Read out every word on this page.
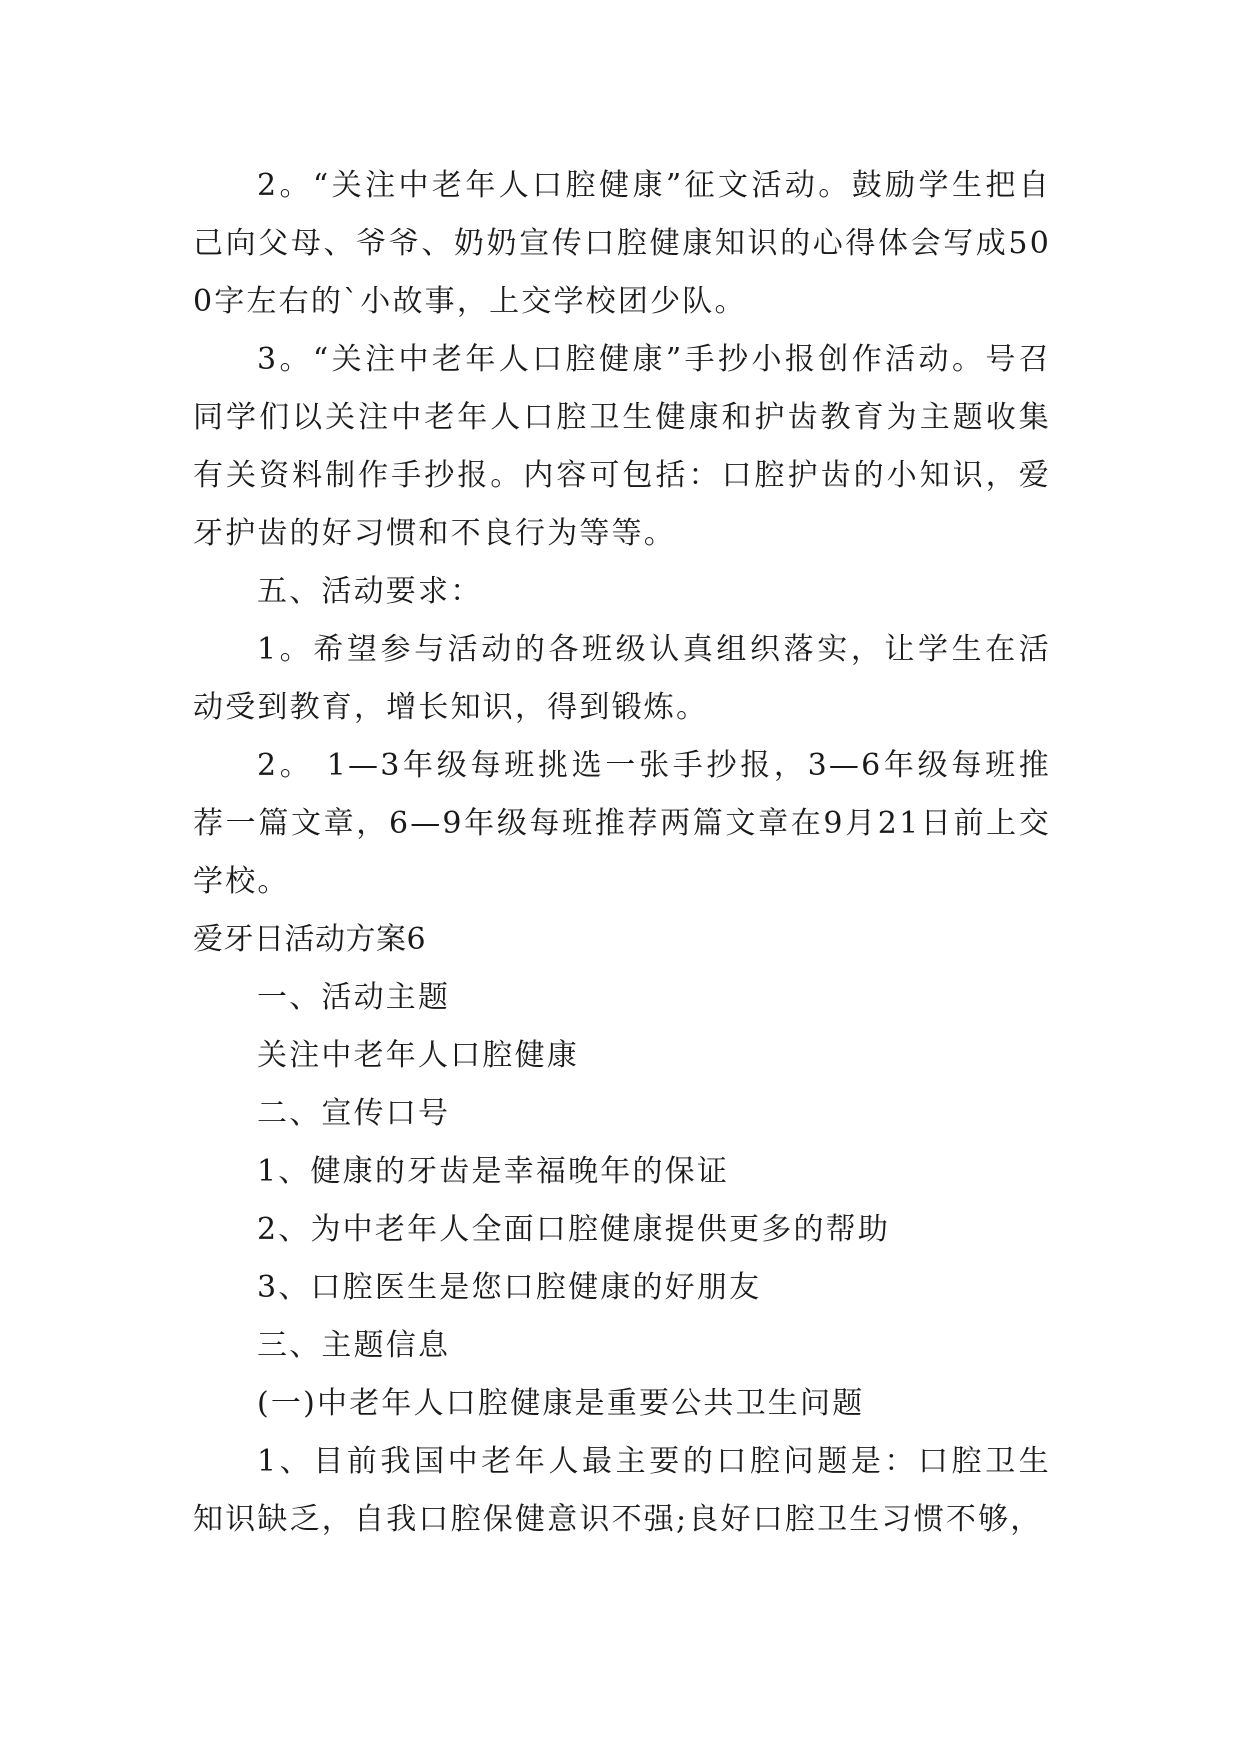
2。“关注中老年人口腔健康”征文活动。鼓励学生把自己向父母、爷爷、奶奶宣传口腔健康知识的心得体会写成500字左右的`小故事，上交学校团少队。

3。“关注中老年人口腔健康”手抄小报创作活动。号召同学们以关注中老年人口腔卫生健康和护齿教育为主题收集有关资料制作手抄报。内容可包括：口腔护齿的小知识，爱牙护齿的好习惯和不良行为等等。

五、活动要求：

1。希望参与活动的各班级认真组织落实，让学生在活动受到教育，增长知识，得到锻炼。

2。 1—3年级每班挑选一张手抄报，3—6年级每班推荐一篇文章，6—9年级每班推荐两篇文章在9月21日前上交学校。

爱牙日活动方案6

一、活动主题

关注中老年人口腔健康

二、宣传口号

1、健康的牙齿是幸福晚年的保证

2、为中老年人全面口腔健康提供更多的帮助

3、口腔医生是您口腔健康的好朋友

三、主题信息

(一)中老年人口腔健康是重要公共卫生问题

1、目前我国中老年人最主要的口腔问题是：口腔卫生知识缺乏，自我口腔保健意识不强;良好口腔卫生习惯不够，
